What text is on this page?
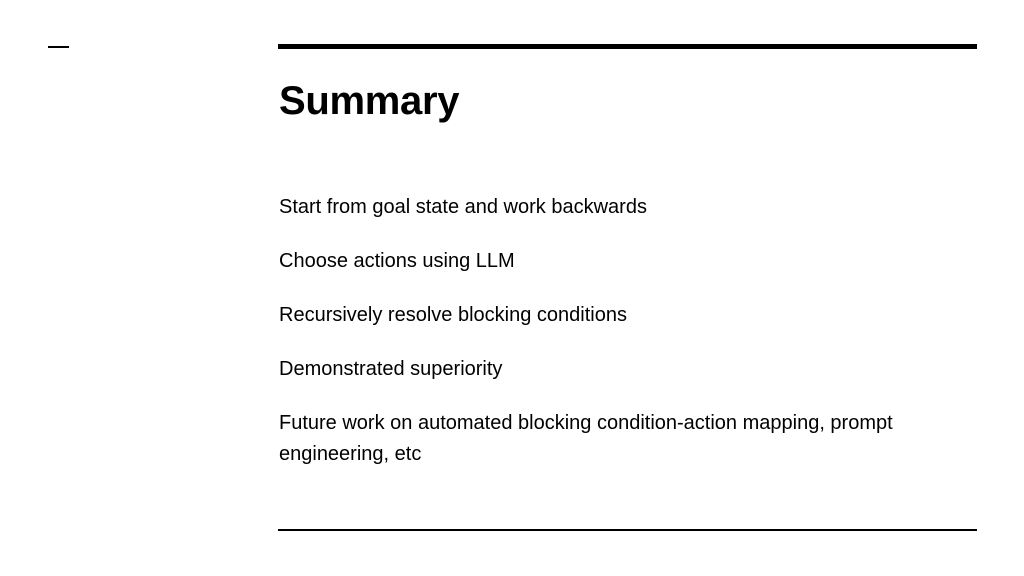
Summary
Start from goal state and work backwards
Choose actions using LLM
Recursively resolve blocking conditions
Demonstrated superiority
Future work on automated blocking condition-action mapping, prompt engineering, etc
